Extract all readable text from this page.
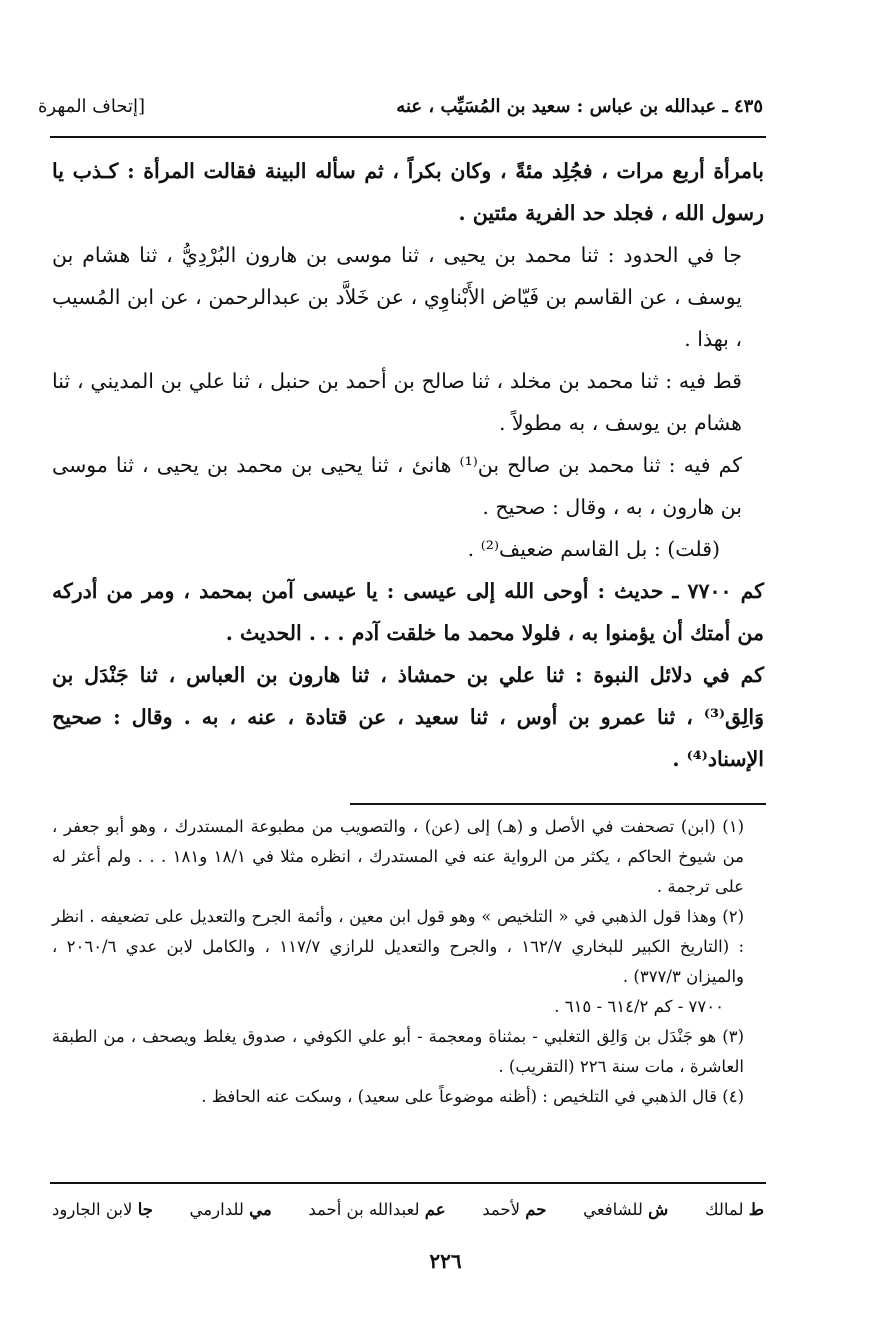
٤٣٥ ـ عبدالله بن عباس : سعيد بن المُسَيِّب ، عنه
[إتحاف المهرة

بامرأة أربع مرات ، فجُلِد مئةً ، وكان بكراً ، ثم سأله البينة فقالت المرأة : كـذب يا رسول الله ، فجلد حد الفرية مئتين .

جا في الحدود : ثنا محمد بن يحيى ، ثنا موسى بن هارون البُرْدِيُّ ، ثنا هشام بن يوسف ، عن القاسم بن فَيّاض الأَبْناوِي ، عن خَلاَّد بن عبدالرحمن ، عن ابن المُسيب ، بهذا .

قط فيه : ثنا محمد بن مخلد ، ثنا صالح بن أحمد بن حنبل ، ثنا علي بن المديني ، ثنا هشام بن يوسف ، به مطولاً .

كم فيه : ثنا محمد بن صالح بن⁽¹⁾ هانئ ، ثنا يحيى بن محمد بن يحيى ، ثنا موسى بن هارون ، به ، وقال : صحيح .

(قلت) : بل القاسم ضعيف⁽²⁾ .

كم ٧٧٠٠ ـ حديث : أوحى الله إلى عيسى : يا عيسى آمن بمحمد ، ومر من أدركه من أمتك أن يؤمنوا به ، فلولا محمد ما خلقت آدم . . . الحديث .

كم في دلائل النبوة : ثنا علي بن حمشاذ ، ثنا هارون بن العباس ، ثنا جَنْدَل بن وَالِق⁽³⁾ ، ثنا عمرو بن أوس ، ثنا سعيد ، عن قتادة ، عنه ، به . وقال : صحيح الإسناد⁽⁴⁾ .

(١) (ابن) تصحفت في الأصل و (هـ) إلى (عن) ، والتصويب من مطبوعة المستدرك ، وهو أبو جعفر ، من شيوخ الحاكم ، يكثر من الرواية عنه في المستدرك ، انظره مثلا في ١٨/١ و١٨١ . . . ولم أعثر له على ترجمة .

(٢) وهذا قول الذهبي في « التلخيص » وهو قول ابن معين ، وأئمة الجرح والتعديل على تضعيفه . انظر : (التاريخ الكبير للبخاري ١٦٢/٧ ، والجرح والتعديل للرازي ١١٧/٧ ، والكامل لابن عدي ٢٠٦٠/٦ ، والميزان ٣٧٧/٣) .

٧٧٠٠ - كم ٦١٤/٢ - ٦١٥ .

(٣) هو جَنْدَل بن وَالِق التغلبي - بمثناة ومعجمة - أبو علي الكوفي ، صدوق يغلط ويصحف ، من الطبقة العاشرة ، مات سنة ٢٢٦ (التقريب) .

(٤) قال الذهبي في التلخيص : (أظنه موضوعاً على سعيد) ، وسكت عنه الحافظ .

ط لمالك
ش للشافعي
حم لأحمد
عم لعبدالله بن أحمد
مي للدارمي
جا لابن الجارود
٢٢٦
